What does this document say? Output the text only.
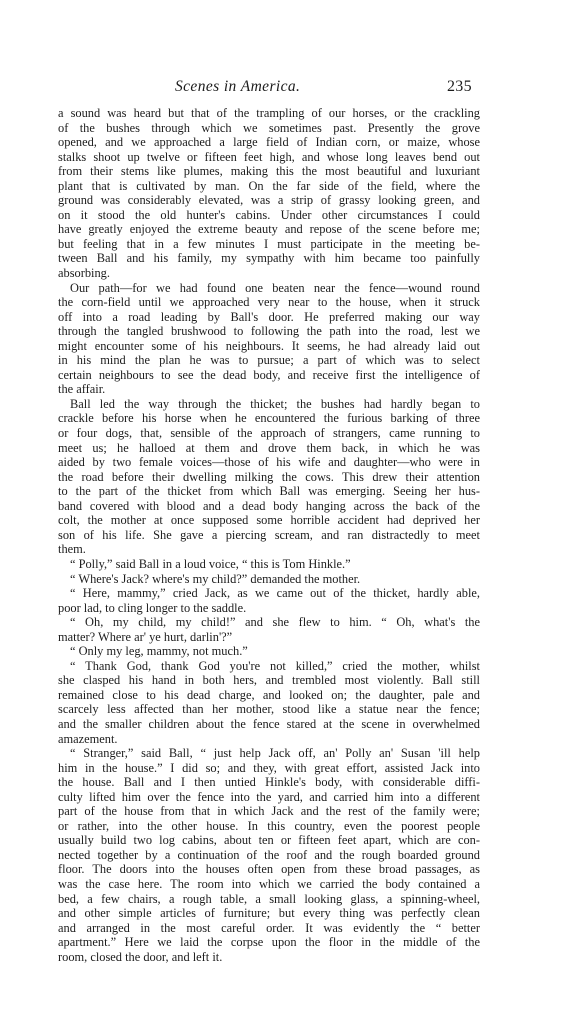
Scenes in America.	235
a sound was heard but that of the trampling of our horses, or the crackling
of the bushes through which we sometimes past. Presently the grove
opened, and we approached a large field of Indian corn, or maize, whose
stalks shoot up twelve or fifteen feet high, and whose long leaves bend out
from their stems like plumes, making this the most beautiful and luxuriant
plant that is cultivated by man. On the far side of the field, where the
ground was considerably elevated, was a strip of grassy looking green, and
on it stood the old hunter's cabins. Under other circumstances I could
have greatly enjoyed the extreme beauty and repose of the scene before me;
but feeling that in a few minutes I must participate in the meeting be-
tween Ball and his family, my sympathy with him became too painfully
absorbing.
Our path—for we had found one beaten near the fence—wound round
the corn-field until we approached very near to the house, when it struck
off into a road leading by Ball's door. He preferred making our way
through the tangled brushwood to following the path into the road, lest we
might encounter some of his neighbours. It seems, he had already laid out
in his mind the plan he was to pursue; a part of which was to select
certain neighbours to see the dead body, and receive first the intelligence of
the affair.
Ball led the way through the thicket; the bushes had hardly began to
crackle before his horse when he encountered the furious barking of three
or four dogs, that, sensible of the approach of strangers, came running to
meet us; he halloed at them and drove them back, in which he was
aided by two female voices—those of his wife and daughter—who were in
the road before their dwelling milking the cows. This drew their attention
to the part of the thicket from which Ball was emerging. Seeing her hus-
band covered with blood and a dead body hanging across the back of the
colt, the mother at once supposed some horrible accident had deprived her
son of his life. She gave a piercing scream, and ran distractedly to meet
them.
“ Polly,” said Ball in a loud voice, “ this is Tom Hinkle.”
“ Where's Jack? where's my child?” demanded the mother.
“ Here, mammy,” cried Jack, as we came out of the thicket, hardly able,
poor lad, to cling longer to the saddle.
“ Oh, my child, my child!” and she flew to him. “ Oh, what's the
matter? Where ar' ye hurt, darlin'?”
“ Only my leg, mammy, not much.”
“ Thank God, thank God you're not killed,” cried the mother, whilst
she clasped his hand in both hers, and trembled most violently. Ball still
remained close to his dead charge, and looked on; the daughter, pale and
scarcely less affected than her mother, stood like a statue near the fence;
and the smaller children about the fence stared at the scene in overwhelmed
amazement.
“ Stranger,” said Ball, “ just help Jack off, an' Polly an' Susan 'ill help
him in the house.” I did so; and they, with great effort, assisted Jack into
the house. Ball and I then untied Hinkle's body, with considerable diffi-
culty lifted him over the fence into the yard, and carried him into a different
part of the house from that in which Jack and the rest of the family were;
or rather, into the other house. In this country, even the poorest people
usually build two log cabins, about ten or fifteen feet apart, which are con-
nected together by a continuation of the roof and the rough boarded ground
floor. The doors into the houses often open from these broad passages, as
was the case here. The room into which we carried the body contained a
bed, a few chairs, a rough table, a small looking glass, a spinning-wheel,
and other simple articles of furniture; but every thing was perfectly clean
and arranged in the most careful order. It was evidently the “ better
apartment.” Here we laid the corpse upon the floor in the middle of the
room, closed the door, and left it.
